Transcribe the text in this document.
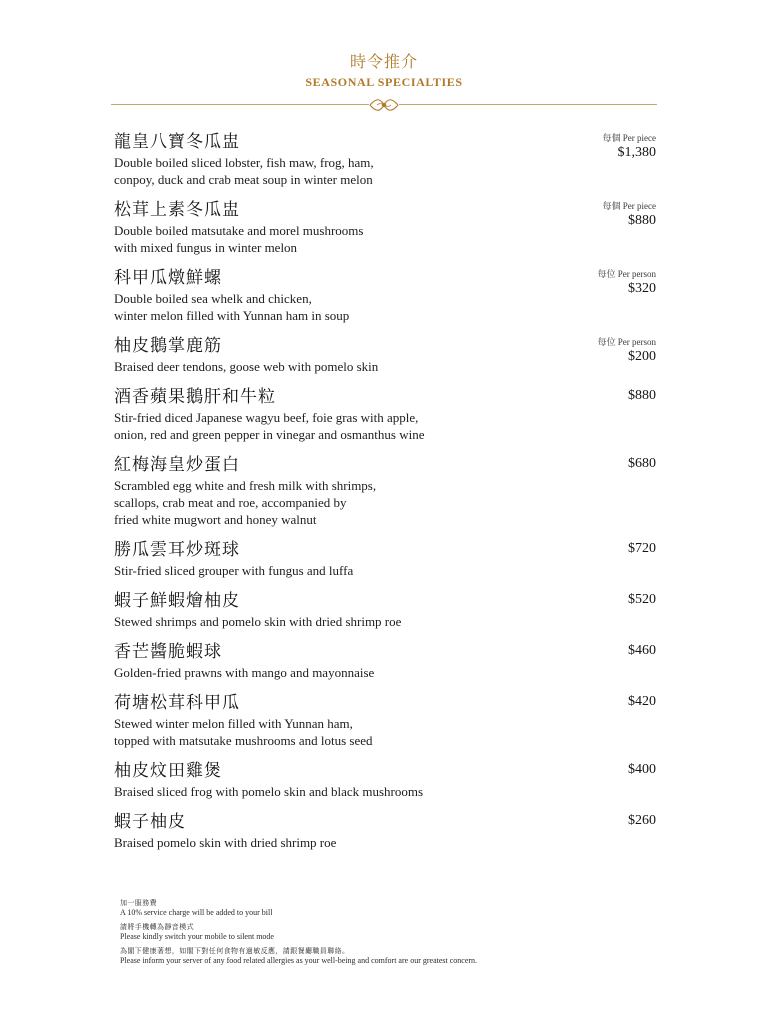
時令推介
SEASONAL SPECIALTIES
龍皇八寶冬瓜盅
Double boiled sliced lobster, fish maw, frog, ham,
conpoy, duck and crab meat soup in winter melon
每個 Per piece
$1,380
松茸上素冬瓜盅
Double boiled matsutake and morel mushrooms
with mixed fungus in winter melon
每個 Per piece
$880
科甲瓜燉鮮螺
Double boiled sea whelk and chicken,
winter melon filled with Yunnan ham in soup
每位 Per person
$320
柚皮鵝掌鹿筋
Braised deer tendons, goose web with pomelo skin
每位 Per person
$200
酒香蘋果鵝肝和牛粒
Stir-fried diced Japanese wagyu beef, foie gras with apple,
onion, red and green pepper in vinegar and osmanthus wine
$880
紅梅海皇炒蛋白
Scrambled egg white and fresh milk with shrimps,
scallops, crab meat and roe, accompanied by
fried white mugwort and honey walnut
$680
勝瓜雲耳炒斑球
Stir-fried sliced grouper with fungus and luffa
$720
蝦子鮮蝦燴柚皮
Stewed shrimps and pomelo skin with dried shrimp roe
$520
香芒醬脆蝦球
Golden-fried prawns with mango and mayonnaise
$460
荷塘松茸科甲瓜
Stewed winter melon filled with Yunnan ham,
topped with matsutake mushrooms and lotus seed
$420
柚皮炆田雞煲
Braised sliced frog with pomelo skin and black mushrooms
$400
蝦子柚皮
Braised pomelo skin with dried shrimp roe
$260
加一服務費
A 10% service charge will be added to your bill
請將手機轉為靜音模式
Please kindly switch your mobile to silent mode
為閣下健康著想，如閣下對任何食物有過敏反應，請跟餐廳職員聯絡。
Please inform your server of any food related allergies as your well-being and comfort are our greatest concern.
